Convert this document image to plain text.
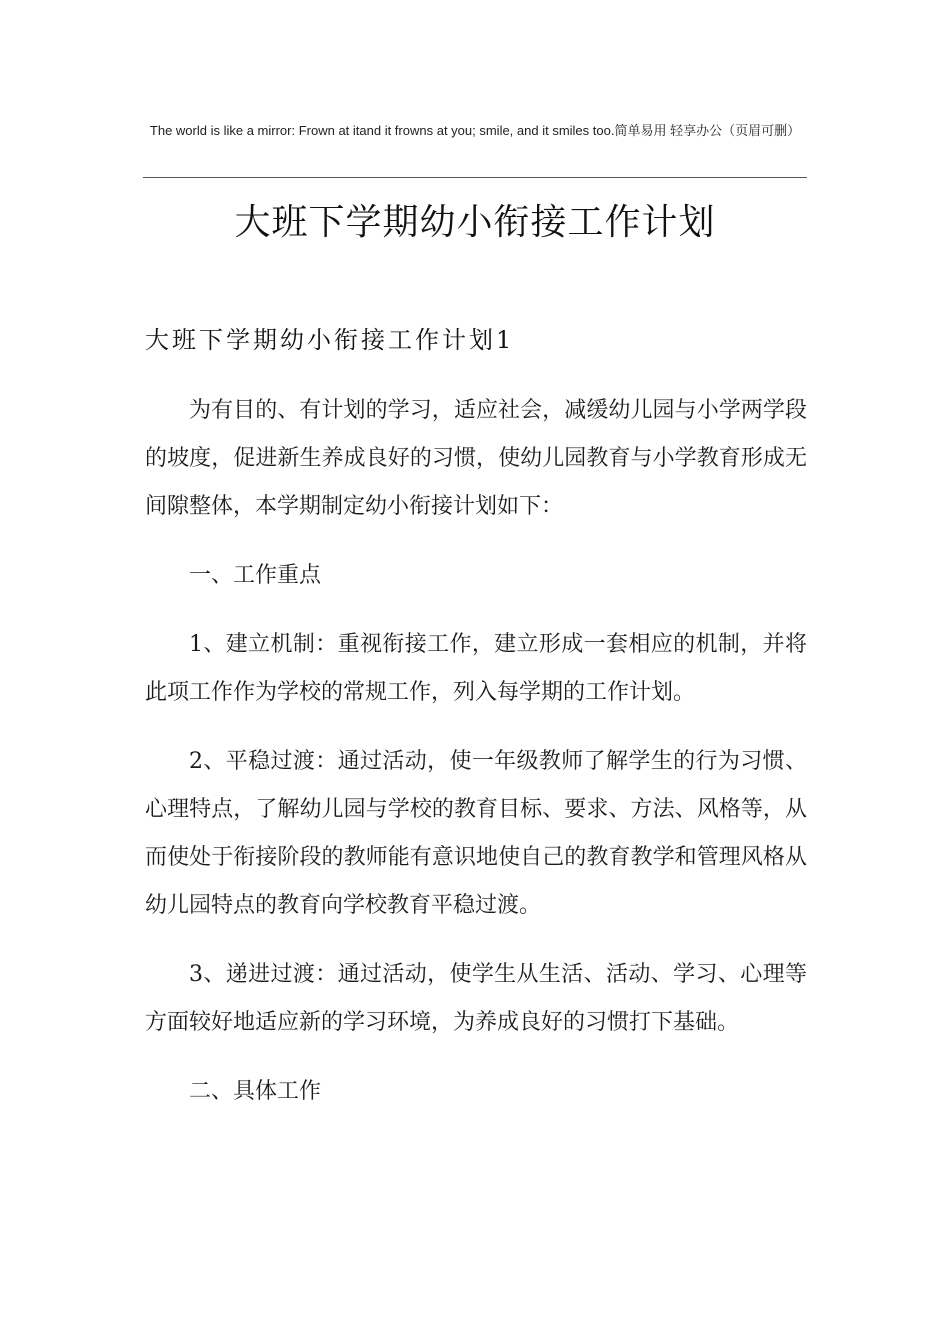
The world is like a mirror: Frown at itand it frowns at you; smile, and it smiles too.简单易用 轻享办公（页眉可删）
大班下学期幼小衔接工作计划
大班下学期幼小衔接工作计划1

为有目的、有计划的学习，适应社会，减缓幼儿园与小学两学段的坡度，促进新生养成良好的习惯，使幼儿园教育与小学教育形成无间隙整体，本学期制定幼小衔接计划如下：

一、工作重点

1、建立机制：重视衔接工作，建立形成一套相应的机制，并将此项工作作为学校的常规工作，列入每学期的工作计划。

2、平稳过渡：通过活动，使一年级教师了解学生的行为习惯、心理特点，了解幼儿园与学校的教育目标、要求、方法、风格等，从而使处于衔接阶段的教师能有意识地使自己的教育教学和管理风格从幼儿园特点的教育向学校教育平稳过渡。

3、递进过渡：通过活动，使学生从生活、活动、学习、心理等方面较好地适应新的学习环境，为养成良好的习惯打下基础。

二、具体工作
